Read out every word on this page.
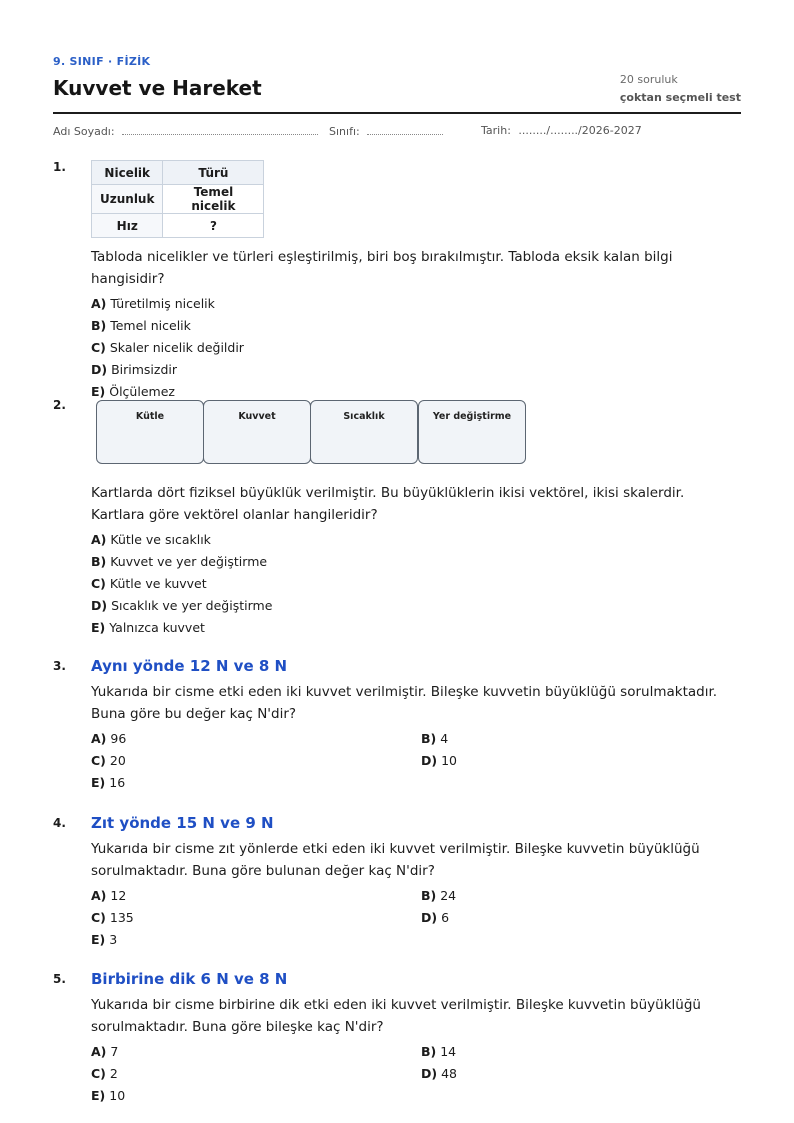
9. SINIF · FİZİK
Kuvvet ve Hareket	20 soruluk
çoktan seçmeli test
Adı Soyadı:	Sınıfı:	Tarih: ......../......../2026-2027
1.	Nicelik	Türü
Uzunluk	Temel nicelik
Hız	?
Tabloda nicelikler ve türleri eşleştirilmiş, biri boş bırakılmıştır. Tabloda eksik kalan bilgi hangisidir?
A) Türetilmiş nicelik
B) Temel nicelik
C) Skaler nicelik değildir
D) Birimsizdir
E) Ölçülemez
2.
Kütle	Kuvvet	Sıcaklık	Yer değiştirme
Kartlarda dört fiziksel büyüklük verilmiştir. Bu büyüklüklerin ikisi vektörel, ikisi skalerdir. Kartlara göre vektörel olanlar hangileridir?
A) Kütle ve sıcaklık
B) Kuvvet ve yer değiştirme
C) Kütle ve kuvvet
D) Sıcaklık ve yer değiştirme
E) Yalnızca kuvvet
3. Aynı yönde 12 N ve 8 N
Yukarıda bir cisme etki eden iki kuvvet verilmiştir. Bileşke kuvvetin büyüklüğü sorulmaktadır. Buna göre bu değer kaç N'dir?
A) 96	B) 4
C) 20	D) 10
E) 16
4. Zıt yönde 15 N ve 9 N
Yukarıda bir cisme zıt yönlerde etki eden iki kuvvet verilmiştir. Bileşke kuvvetin büyüklüğü sorulmaktadır. Buna göre bulunan değer kaç N'dir?
A) 12	B) 24
C) 135	D) 6
E) 3
5. Birbirine dik 6 N ve 8 N
Yukarıda bir cisme birbirine dik etki eden iki kuvvet verilmiştir. Bileşke kuvvetin büyüklüğü sorulmaktadır. Buna göre bileşke kaç N'dir?
A) 7	B) 14
C) 2	D) 48
E) 10
